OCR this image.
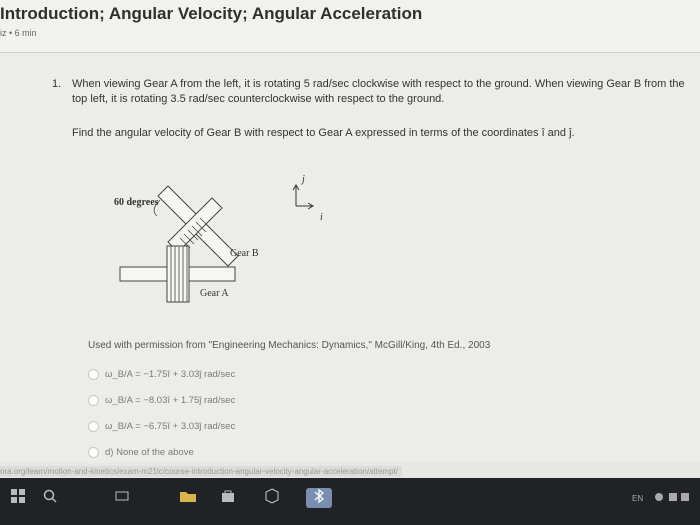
Introduction; Angular Velocity; Angular Acceleration
iz • 6 min
1. When viewing Gear A from the left, it is rotating 5 rad/sec clockwise with respect to the ground. When viewing Gear B from the top left, it is rotating 3.5 rad/sec counterclockwise with respect to the ground.
Find the angular velocity of Gear B with respect to Gear A expressed in terms of the coordinates î and ĵ.
60 degrees
Gear B
Gear A
j
i
Used with permission from "Engineering Mechanics: Dynamics," McGill/King, 4th Ed., 2003
ω_B/A = −1.75î + 3.03ĵ rad/sec
ω_B/A = −8.03î + 1.75ĵ rad/sec
ω_B/A = −6.75î + 3.03ĵ rad/sec
d) None of the above
ora.org/learn/motion-and-kinetics/exam-m21lc/course-introduction-angular-velocity-angular-acceleration/attempt/
EN
